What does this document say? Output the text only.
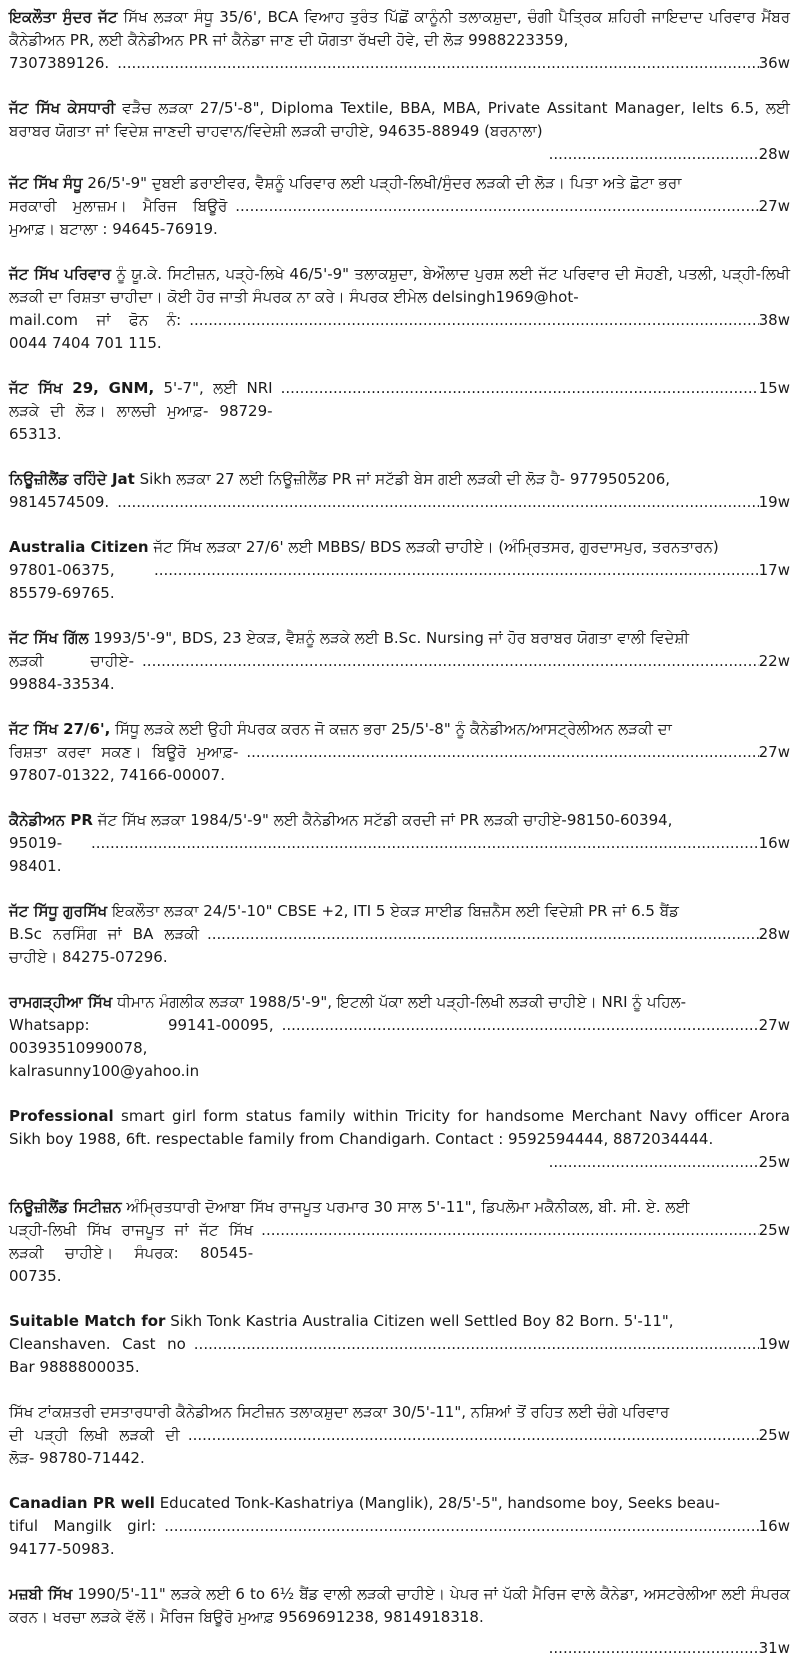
ਇਕਲੌਤਾ ਸੁੰਦਰ ਜੱਟ ਸਿੱਖ ਲੜਕਾ ਸੰਧੂ 35/6', BCA ਵਿਆਹ ਤੁਰੰਤ ਪਿੱਛੋਂ ਕਾਨੂੰਨੀ ਤਲਾਕਸ਼ੁਦਾ, ਚੰਗੀ ਪੈਤ੍ਰਿਕ ਸ਼ਹਿਰੀ ਜਾਇਦਾਦ ਪਰਿਵਾਰ ਮੈਂਬਰ ਕੈਨੇਡੀਅਨ PR, ਲਈ ਕੈਨੇਡੀਅਨ PR ਜਾਂ ਕੈਨੇਡਾ ਜਾਣ ਦੀ ਯੋਗਤਾ ਰੱਖਦੀ ਹੋਵੇ, ਦੀ ਲੋੜ 9988223359,
7307389126. .....	36w
ਜੱਟ ਸਿੱਖ ਕੇਸਧਾਰੀ ਵੜੈਚ ਲੜਕਾ 27/5'-8", Diploma Textile, BBA, MBA, Private Assitant Manager, Ielts 6.5, ਲਈ ਬਰਾਬਰ ਯੋਗਤਾ ਜਾਂ ਵਿਦੇਸ਼ ਜਾਣਦੀ ਚਾਹਵਾਨ/ਵਿਦੇਸ਼ੀ ਲੜਕੀ ਚਾਹੀਏ, 94635-88949 (ਬਰਨਾਲਾ)
.....
28w
ਜੱਟ ਸਿੱਖ ਸੰਧੂ 26/5'-9" ਦੁਬਈ ਡਰਾਈਵਰ, ਵੈਸ਼ਨੂੰ ਪਰਿਵਾਰ ਲਈ ਪੜ੍ਹੀ-ਲਿਖੀ/ਸੁੰਦਰ ਲੜਕੀ ਦੀ ਲੋੜ। ਪਿਤਾ ਅਤੇ ਛੋਟਾ ਭਰਾ
ਸਰਕਾਰੀ ਮੁਲਾਜ਼ਮ। ਮੈਰਿਜ ਬਿਊਰੋ ਮੁਆਫ਼। ਬਟਾਲਾ : 94645-76919.
.....
27w
ਜੱਟ ਸਿੱਖ ਪਰਿਵਾਰ ਨੂੰ ਯੂ.ਕੇ. ਸਿਟੀਜ਼ਨ, ਪੜ੍ਹੇ-ਲਿਖੇ 46/5'-9" ਤਲਾਕਸ਼ੁਦਾ, ਬੇਔਲਾਦ ਪੁਰਸ਼ ਲਈ ਜੱਟ ਪਰਿਵਾਰ ਦੀ ਸੋਹਣੀ, ਪਤਲੀ, ਪੜ੍ਹੀ-ਲਿਖੀ ਲੜਕੀ ਦਾ ਰਿਸ਼ਤਾ ਚਾਹੀਦਾ। ਕੋਈ ਹੋਰ ਜਾਤੀ ਸੰਪਰਕ ਨਾ ਕਰੇ। ਸੰਪਰਕ ਈਮੇਲ delsingh1969@hot-
mail.com ਜਾਂ ਫੋਨ ਨੰ: 0044 7404 701 115.
.....
38w
ਜੱਟ ਸਿੱਖ 29, GNM, 5'-7", ਲਈ NRI ਲੜਕੇ ਦੀ ਲੋੜ। ਲਾਲਚੀ ਮੁਆਫ਼- 98729-65313.
.....
15w
ਨਿਊਜ਼ੀਲੈਂਡ ਰਹਿੰਦੇ Jat Sikh ਲੜਕਾ 27 ਲਈ ਨਿਊਜ਼ੀਲੈਂਡ PR ਜਾਂ ਸਟੱਡੀ ਬੇਸ ਗਈ ਲੜਕੀ ਦੀ ਲੋੜ ਹੈ- 9779505206,
9814574509. .....	19w
Australia Citizen ਜੱਟ ਸਿੱਖ ਲੜਕਾ 27/6' ਲਈ MBBS/ BDS ਲੜਕੀ ਚਾਹੀਏ। (ਅੰਮ੍ਰਿਤਸਰ, ਗੁਰਦਾਸਪੁਰ, ਤਰਨਤਾਰਨ)
97801-06375, 85579-69765.
.....
17w
ਜੱਟ ਸਿੱਖ ਗਿੱਲ 1993/5'-9", BDS, 23 ਏਕੜ, ਵੈਸ਼ਨੂੰ ਲੜਕੇ ਲਈ B.Sc. Nursing ਜਾਂ ਹੋਰ ਬਰਾਬਰ ਯੋਗਤਾ ਵਾਲੀ ਵਿਦੇਸ਼ੀ
ਲੜਕੀ ਚਾਹੀਏ- 99884-33534.
.....
22w
ਜੱਟ ਸਿੱਖ 27/6', ਸਿੱਧੂ ਲੜਕੇ ਲਈ ਉਹੀ ਸੰਪਰਕ ਕਰਨ ਜੋ ਕਜ਼ਨ ਭਰਾ 25/5'-8" ਨੂੰ ਕੈਨੇਡੀਅਨ/ਆਸਟ੍ਰੇਲੀਅਨ ਲੜਕੀ ਦਾ
ਰਿਸ਼ਤਾ ਕਰਵਾ ਸਕਣ। ਬਿਊਰੋ ਮੁਆਫ਼- 97807-01322, 74166-00007.
.....
27w
ਕੈਨੇਡੀਅਨ PR ਜੱਟ ਸਿੱਖ ਲੜਕਾ 1984/5'-9" ਲਈ ਕੈਨੇਡੀਅਨ ਸਟੱਡੀ ਕਰਦੀ ਜਾਂ PR ਲੜਕੀ ਚਾਹੀਏ-98150-60394,
95019-98401.
.....
16w
ਜੱਟ ਸਿੱਧੂ ਗੁਰਸਿੱਖ ਇਕਲੌਤਾ ਲੜਕਾ 24/5'-10" CBSE +2, ITI 5 ਏਕੜ ਸਾਈਡ ਬਿਜ਼ਨੈਸ ਲਈ ਵਿਦੇਸ਼ੀ PR ਜਾਂ 6.5 ਬੈਂਡ
B.Sc ਨਰਸਿੰਗ ਜਾਂ BA ਲੜਕੀ ਚਾਹੀਏ। 84275-07296.
.....
28w
ਰਾਮਗੜ੍ਹੀਆ ਸਿੱਖ ਧੀਮਾਨ ਮੰਗਲੀਕ ਲੜਕਾ 1988/5'-9", ਇਟਲੀ ਪੱਕਾ ਲਈ ਪੜ੍ਹੀ-ਲਿਖੀ ਲੜਕੀ ਚਾਹੀਏ। NRI ਨੂੰ ਪਹਿਲ-
Whatsapp: 99141-00095, 00393510990078, kalrasunny100@yahoo.in
.....
27w
Professional smart girl form status family within Tricity for handsome Merchant Navy officer Arora Sikh boy 1988, 6ft. respectable family from Chandigarh. Contact : 9592594444, 8872034444.
.....
25w
ਨਿਊਜ਼ੀਲੈਂਡ ਸਿਟੀਜ਼ਨ ਅੰਮ੍ਰਿਤਧਾਰੀ ਦੋਆਬਾ ਸਿੱਖ ਰਾਜਪੂਤ ਪਰਮਾਰ 30 ਸਾਲ 5'-11", ਡਿਪਲੋਮਾ ਮਕੈਨੀਕਲ, ਬੀ. ਸੀ. ਏ. ਲਈ
ਪੜ੍ਹੀ-ਲਿਖੀ ਸਿੱਖ ਰਾਜਪੂਤ ਜਾਂ ਜੱਟ ਸਿੱਖ ਲੜਕੀ ਚਾਹੀਏ। ਸੰਪਰਕ: 80545-00735.
.....
25w
Suitable Match for Sikh Tonk Kastria Australia Citizen well Settled Boy 82 Born. 5'-11",
Cleanshaven. Cast no Bar 9888800035.
.....
19w
ਸਿੱਖ ਟਾਂਕਸ਼ਤਰੀ ਦਸਤਾਰਧਾਰੀ ਕੈਨੇਡੀਅਨ ਸਿਟੀਜ਼ਨ ਤਲਾਕਸ਼ੁਦਾ ਲੜਕਾ 30/5'-11", ਨਸ਼ਿਆਂ ਤੋਂ ਰਹਿਤ ਲਈ ਚੰਗੇ ਪਰਿਵਾਰ
ਦੀ ਪੜ੍ਹੀ ਲਿਖੀ ਲੜਕੀ ਦੀ ਲੋੜ- 98780-71442.
.....
25w
Canadian PR well Educated Tonk-Kashatriya (Manglik), 28/5'-5", handsome boy, Seeks beau-
tiful Mangilk girl: 94177-50983.
.....
16w
ਮਜ਼ਬੀ ਸਿੱਖ 1990/5'-11" ਲੜਕੇ ਲਈ 6 to 6½ ਬੈਂਡ ਵਾਲੀ ਲੜਕੀ ਚਾਹੀਏ। ਪੇਪਰ ਜਾਂ ਪੱਕੀ ਮੈਰਿਜ ਵਾਲੇ ਕੈਨੇਡਾ, ਅਸਟਰੇਲੀਆ ਲਈ ਸੰਪਰਕ ਕਰਨ। ਖਰਚਾ ਲੜਕੇ ਵੱਲੋਂ। ਮੈਰਿਜ ਬਿਊਰੋ ਮੁਆਫ਼ 9569691238, 9814918318.
.....
31w
